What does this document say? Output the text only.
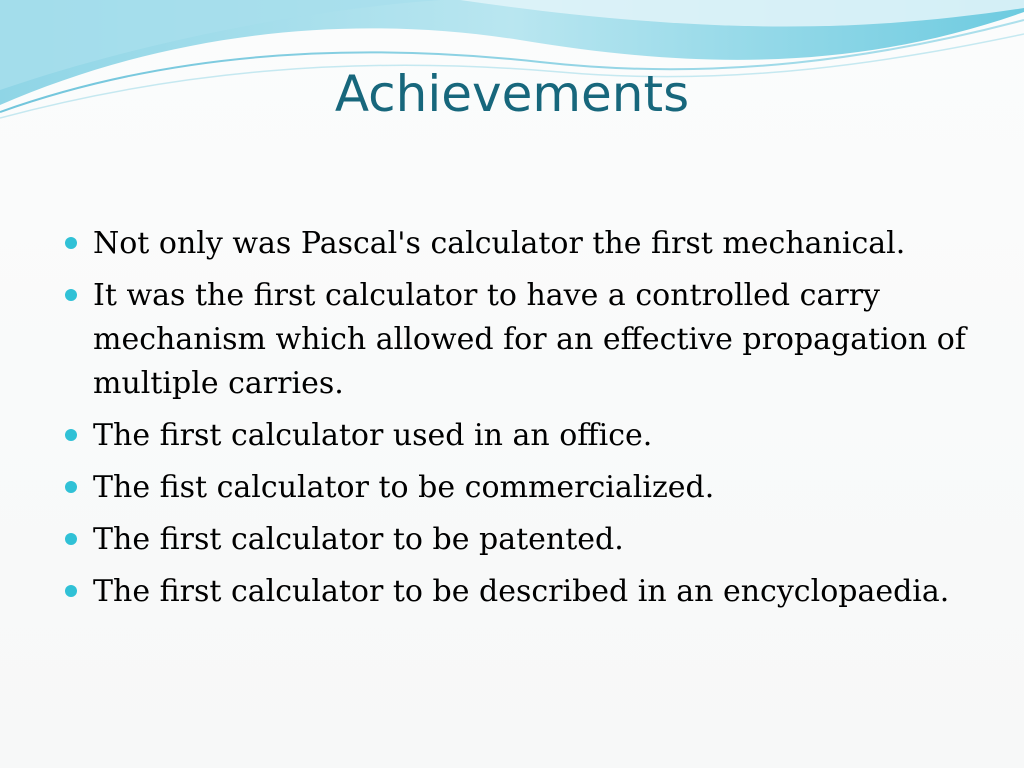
Achievements
Not only was Pascal's calculator the first mechanical.
It was the first calculator to have a controlled carry mechanism which allowed for an effective propagation of multiple carries.
The first calculator used in an office.
The fist calculator to be commercialized.
The first calculator to be patented.
The first calculator to be described in an encyclopaedia.
